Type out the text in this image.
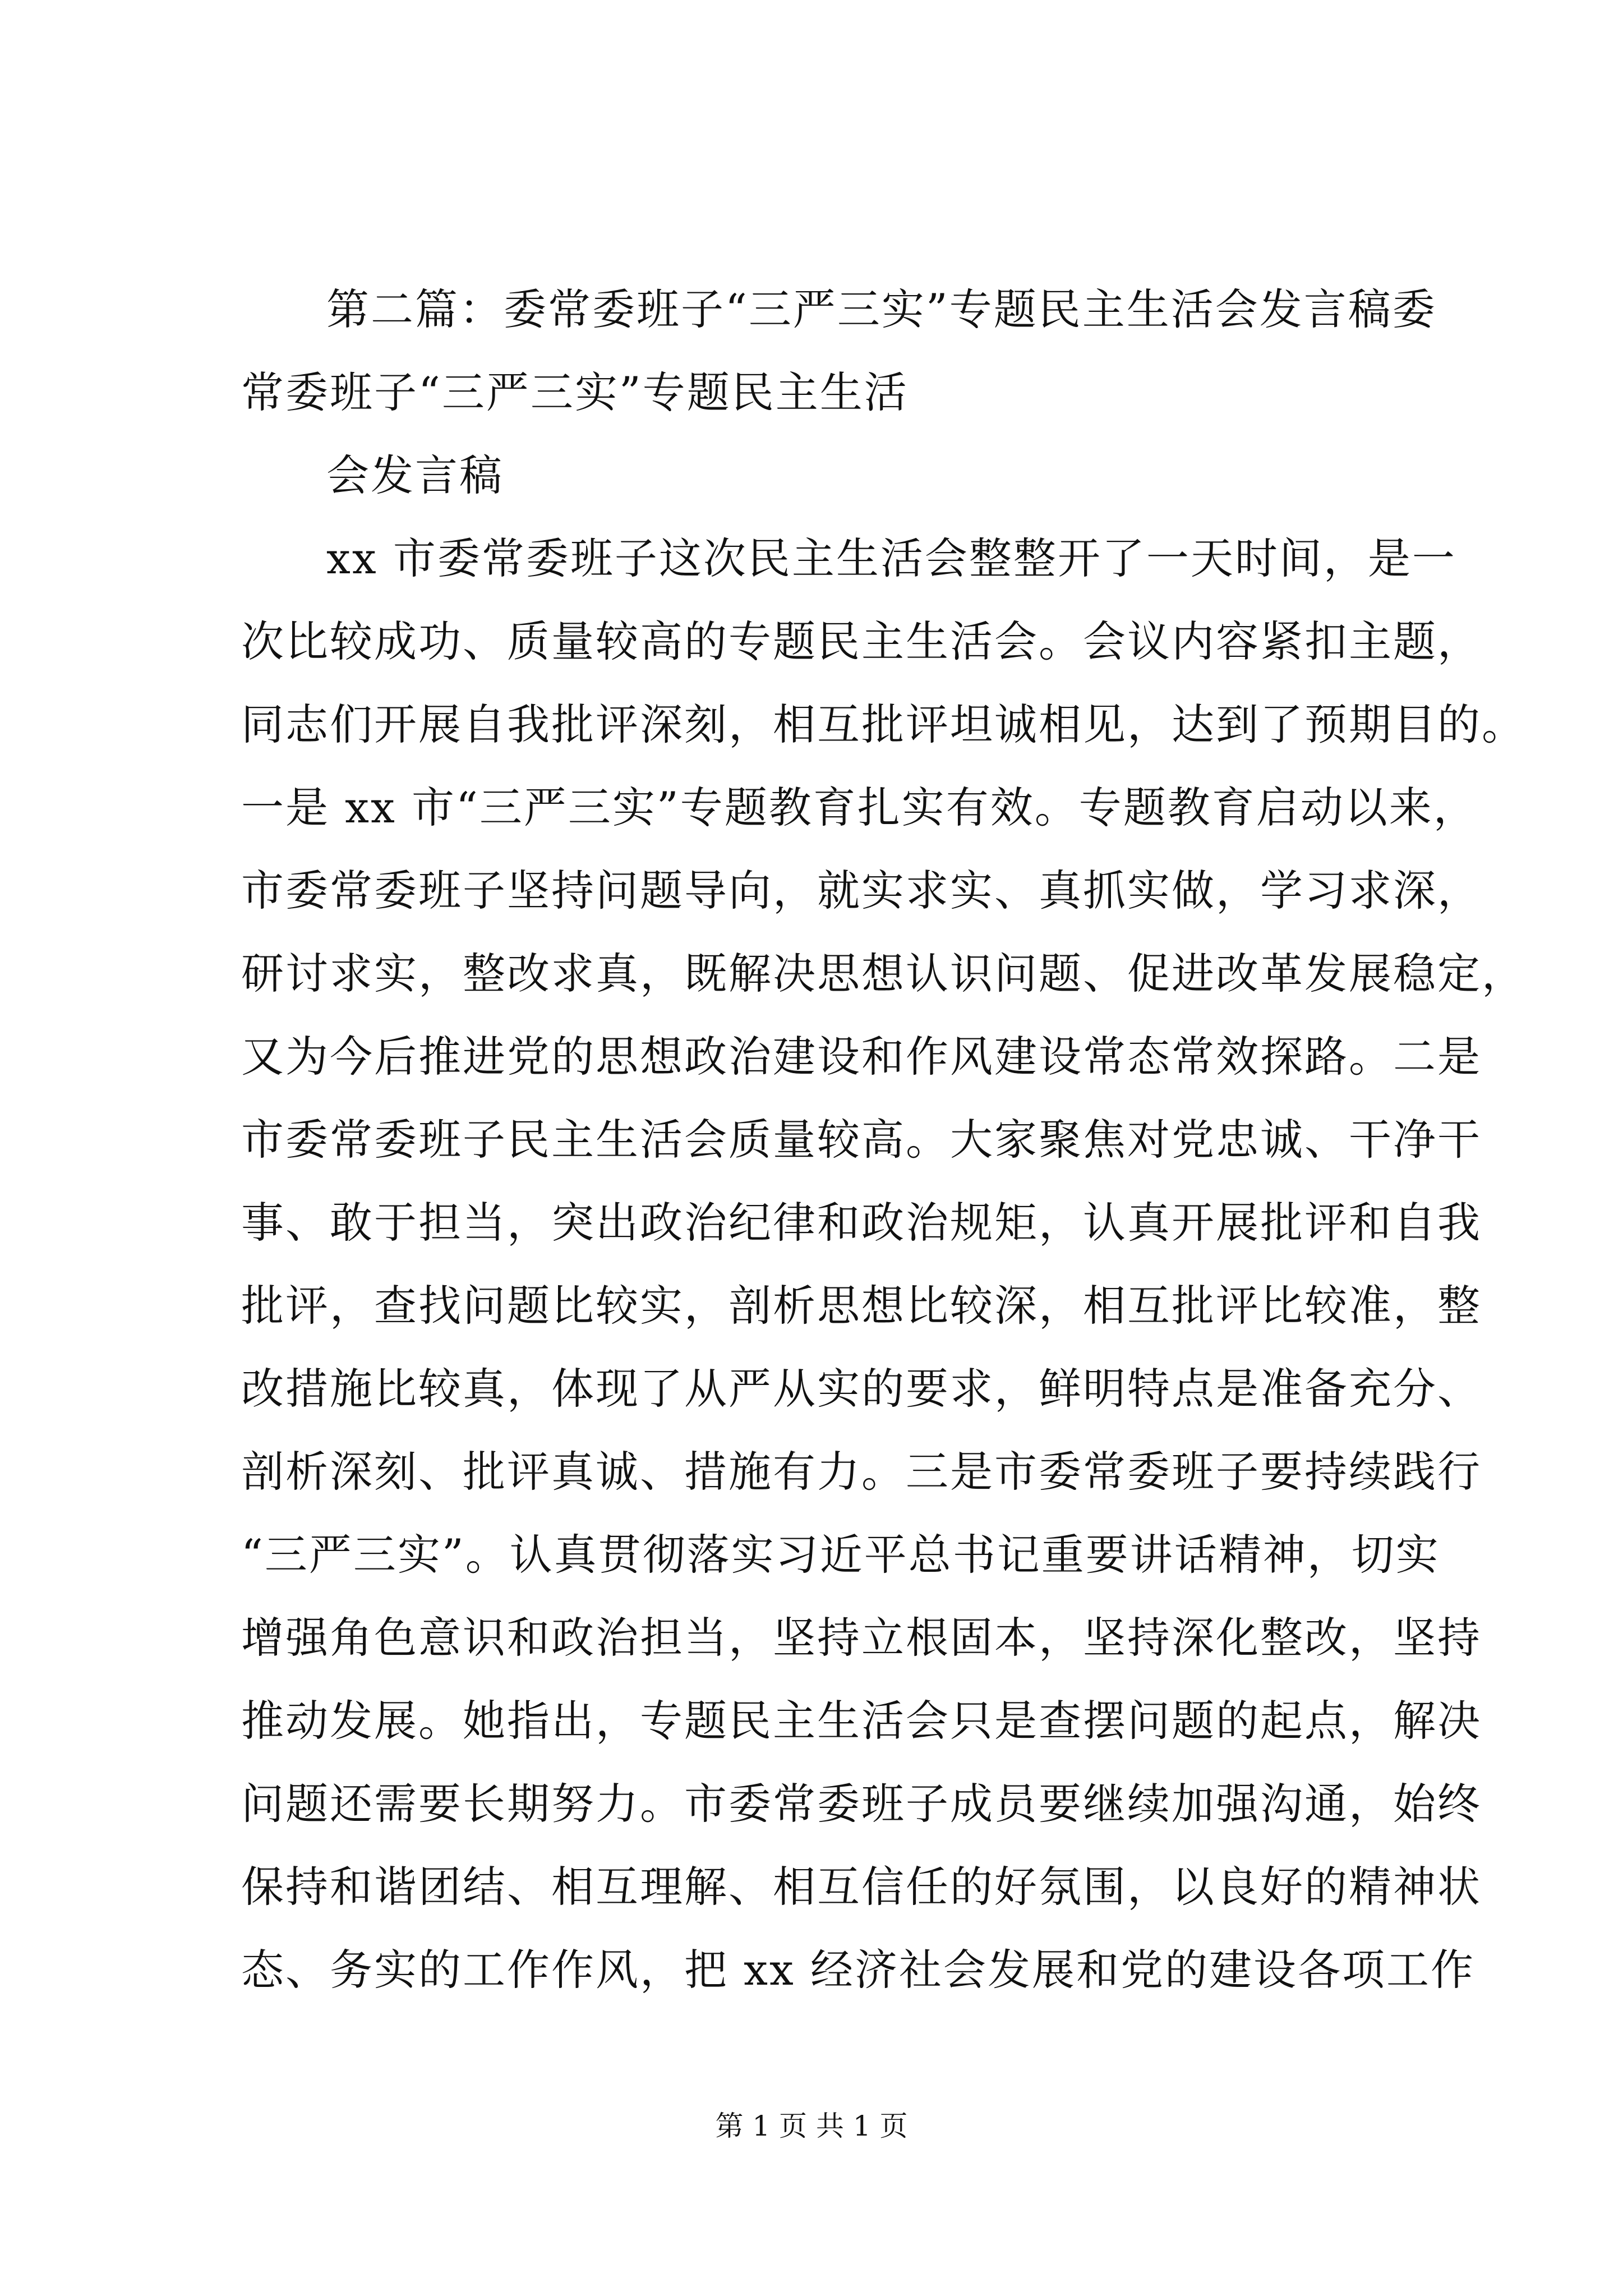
第二篇：委常委班子“三严三实”专题民主生活会发言稿委
常委班子“三严三实”专题民主生活
会发言稿
xx 市委常委班子这次民主生活会整整开了一天时间，是一
次比较成功、质量较高的专题民主生活会。会议内容紧扣主题，
同志们开展自我批评深刻，相互批评坦诚相见，达到了预期目的。
一是 xx 市“三严三实”专题教育扎实有效。专题教育启动以来，
市委常委班子坚持问题导向，就实求实、真抓实做，学习求深，
研讨求实，整改求真，既解决思想认识问题、促进改革发展稳定，
又为今后推进党的思想政治建设和作风建设常态常效探路。二是
市委常委班子民主生活会质量较高。大家聚焦对党忠诚、干净干
事、敢于担当，突出政治纪律和政治规矩，认真开展批评和自我
批评，查找问题比较实，剖析思想比较深，相互批评比较准，整
改措施比较真，体现了从严从实的要求，鲜明特点是准备充分、
剖析深刻、批评真诚、措施有力。三是市委常委班子要持续践行
“三严三实”。认真贯彻落实习近平总书记重要讲话精神，切实
增强角色意识和政治担当，坚持立根固本，坚持深化整改，坚持
推动发展。她指出，专题民主生活会只是查摆问题的起点，解决
问题还需要长期努力。市委常委班子成员要继续加强沟通，始终
保持和谐团结、相互理解、相互信任的好氛围，以良好的精神状
态、务实的工作作风，把 xx 经济社会发展和党的建设各项工作
第 1 页 共 1 页
